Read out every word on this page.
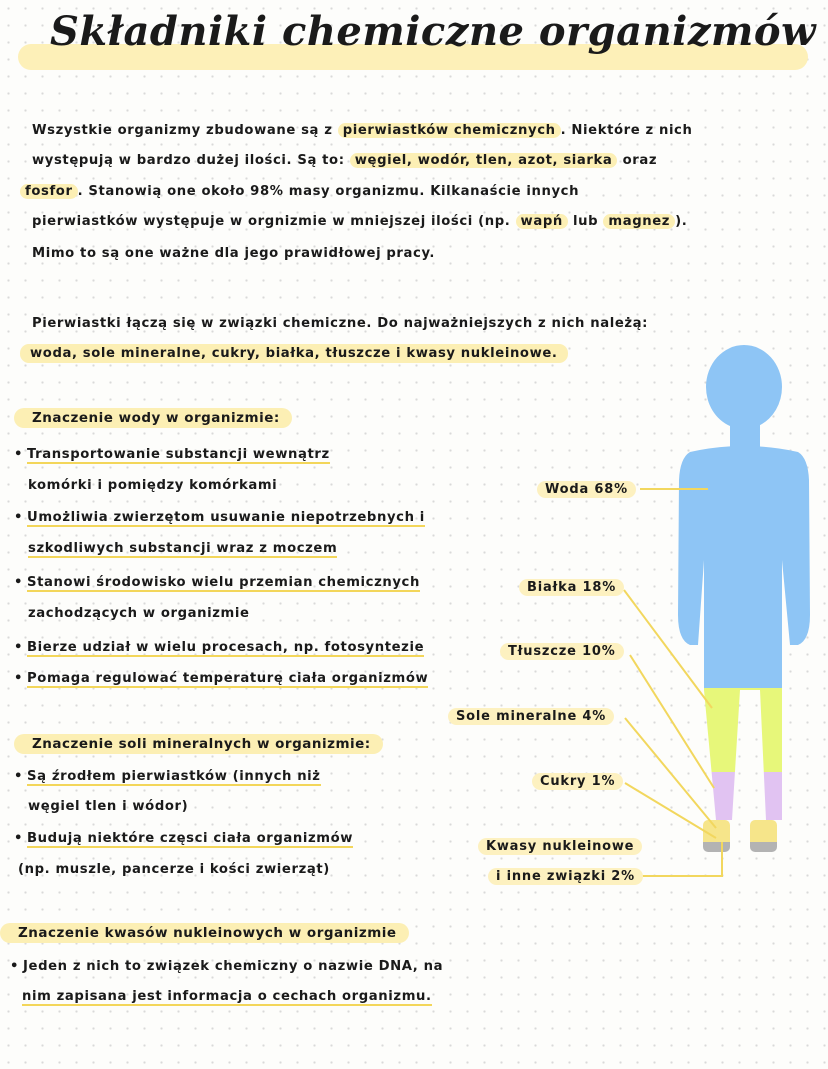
Składniki chemiczne organizmów
Wszystkie organizmy zbudowane są z pierwiastków chemicznych . Niektóre z nich
występują w bardzo dużej ilości. Są to: węgiel, wodór, tlen, azot, siarka oraz
fosfor . Stanowią one około 98% masy organizmu. Kilkanaście innych
pierwiastków występuje w orgnizmie w mniejszej ilości (np. wapń lub magnez ).
Mimo to są one ważne dla jego prawidłowej pracy.
Pierwiastki łączą się w związki chemiczne. Do najważniejszych z nich należą:
woda, sole mineralne, cukry, białka, tłuszcze i kwasy nukleinowe.
Znaczenie wody w organizmie:
• Transportowanie substancji wewnątrz
komórki i pomiędzy komórkami
• Umożliwia zwierzętom usuwanie niepotrzebnych i
szkodliwych substancji wraz z moczem
• Stanowi środowisko wielu przemian chemicznych
zachodzących w organizmie
• Bierze udział w wielu procesach, np. fotosyntezie
• Pomaga regulować temperaturę ciała organizmów
Znaczenie soli mineralnych w organizmie:
• Są źrodłem pierwiastków (innych niż
węgiel tlen i wódor)
• Budują niektóre częsci ciała organizmów
(np. muszle, pancerze i kości zwierząt)
Znaczenie kwasów nukleinowych w organizmie
• Jeden z nich to związek chemiczny o nazwie DNA, na
nim zapisana jest informacja o cechach organizmu.
Woda 68%
Białka 18%
Tłuszcze 10%
Sole mineralne 4%
Cukry 1%
Kwasy nukleinowe
i inne związki 2%
